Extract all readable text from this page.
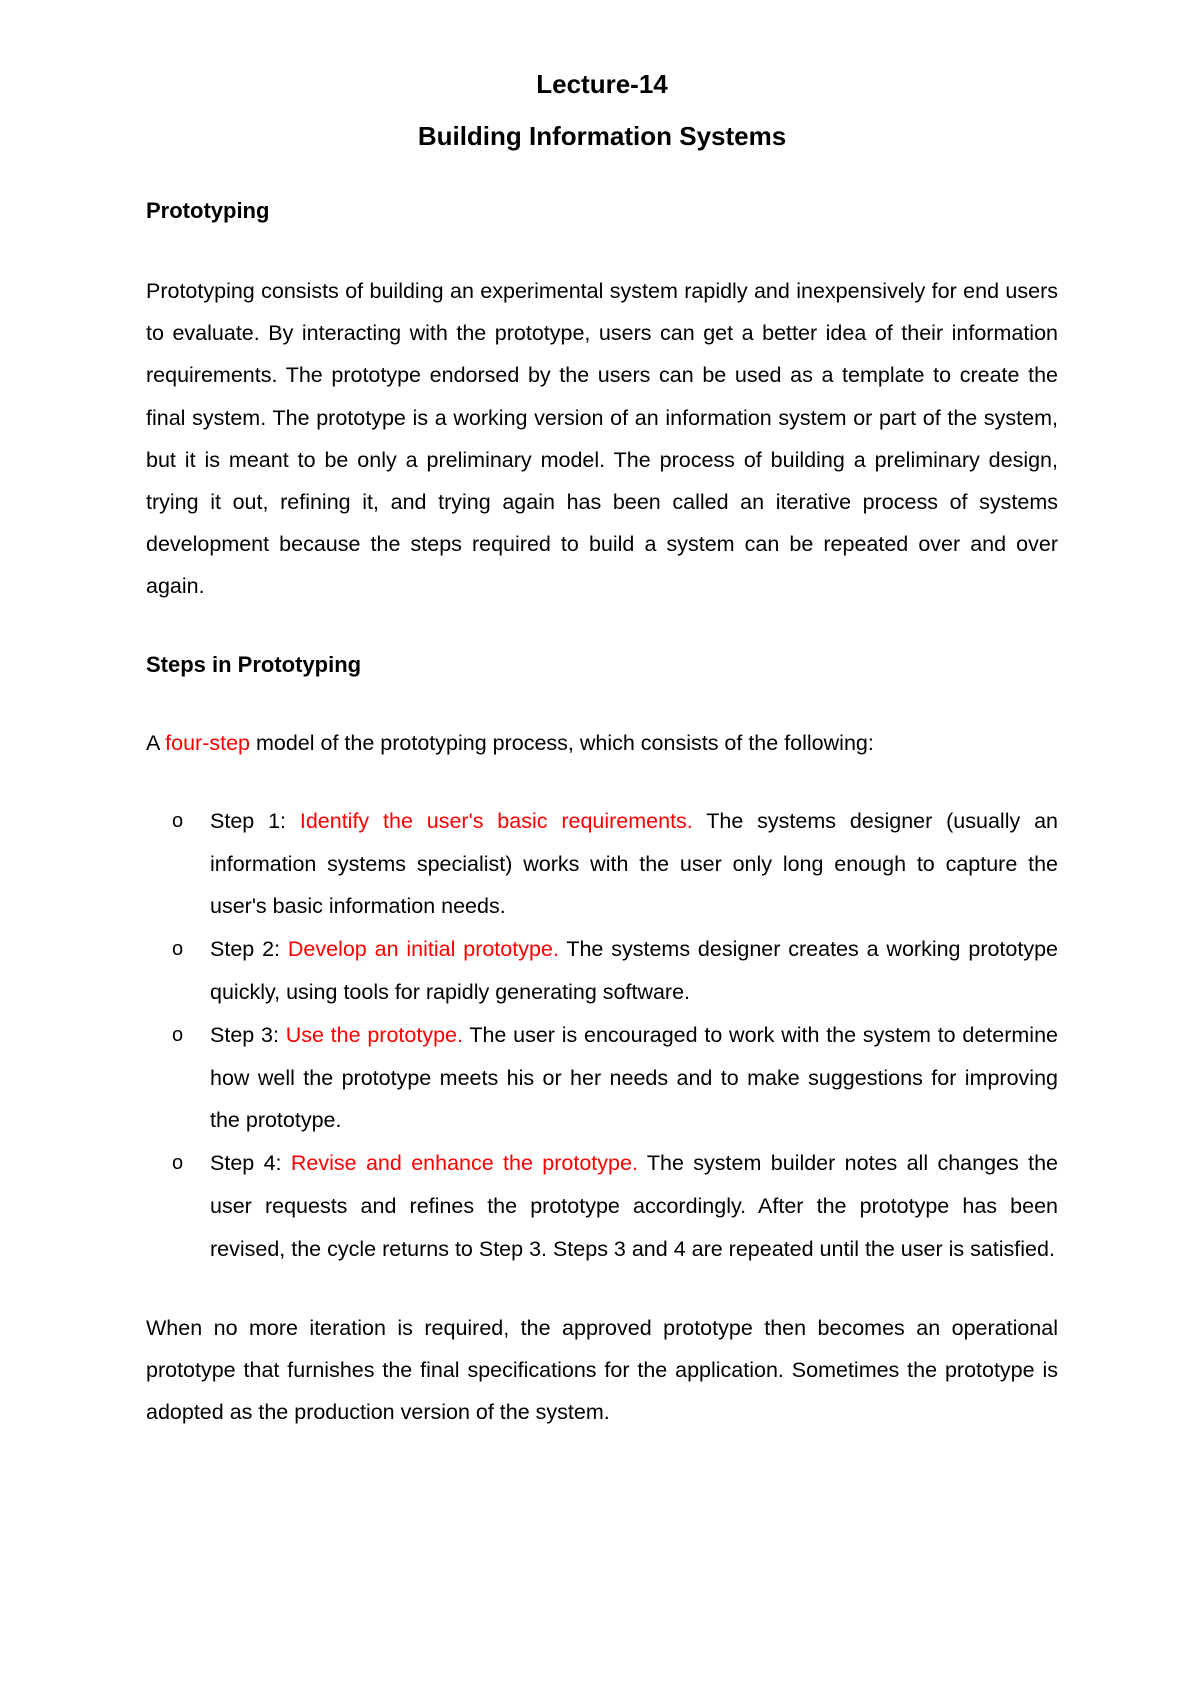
Lecture-14

Building Information Systems

Prototyping

Prototyping consists of building an experimental system rapidly and inexpensively for end users to evaluate. By interacting with the prototype, users can get a better idea of their information requirements. The prototype endorsed by the users can be used as a template to create the final system. The prototype is a working version of an information system or part of the system, but it is meant to be only a preliminary model. The process of building a preliminary design, trying it out, refining it, and trying again has been called an iterative process of systems development because the steps required to build a system can be repeated over and over again.

Steps in Prototyping

A four-step model of the prototyping process, which consists of the following:

o Step 1: Identify the user's basic requirements. The systems designer (usually an information systems specialist) works with the user only long enough to capture the user's basic information needs.
o Step 2: Develop an initial prototype. The systems designer creates a working prototype quickly, using tools for rapidly generating software.
o Step 3: Use the prototype. The user is encouraged to work with the system to determine how well the prototype meets his or her needs and to make suggestions for improving the prototype.
o Step 4: Revise and enhance the prototype. The system builder notes all changes the user requests and refines the prototype accordingly. After the prototype has been revised, the cycle returns to Step 3. Steps 3 and 4 are repeated until the user is satisfied.

When no more iteration is required, the approved prototype then becomes an operational prototype that furnishes the final specifications for the application. Sometimes the prototype is adopted as the production version of the system.
